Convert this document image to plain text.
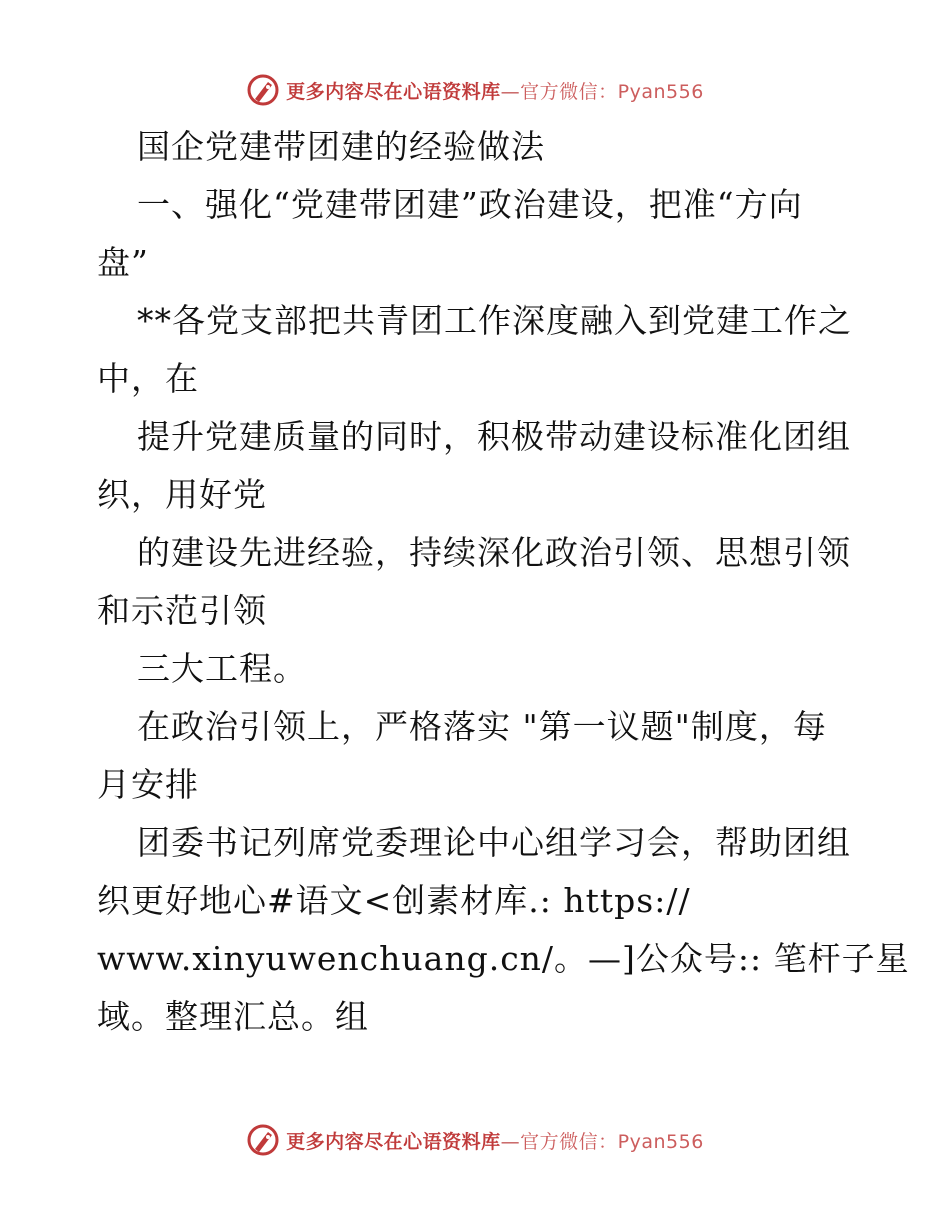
更多内容尽在心语资料库—官方微信：Pyan556
国企党建带团建的经验做法
一、强化“党建带团建”政治建设，把准“方向
盘”
**各党支部把共青团工作深度融入到党建工作之
中，在
提升党建质量的同时，积极带动建设标准化团组
织，用好党
的建设先进经验，持续深化政治引领、思想引领
和示范引领
三大工程。
在政治引领上，严格落实 "第一议题"制度，每
月安排
团委书记列席党委理论中心组学习会，帮助团组
织更好地心#语文<创素材库.: https://
www.xinyuwenchuang.cn/。—]公众号:: 笔杆子星
域。整理汇总。组
更多内容尽在心语资料库—官方微信：Pyan556
